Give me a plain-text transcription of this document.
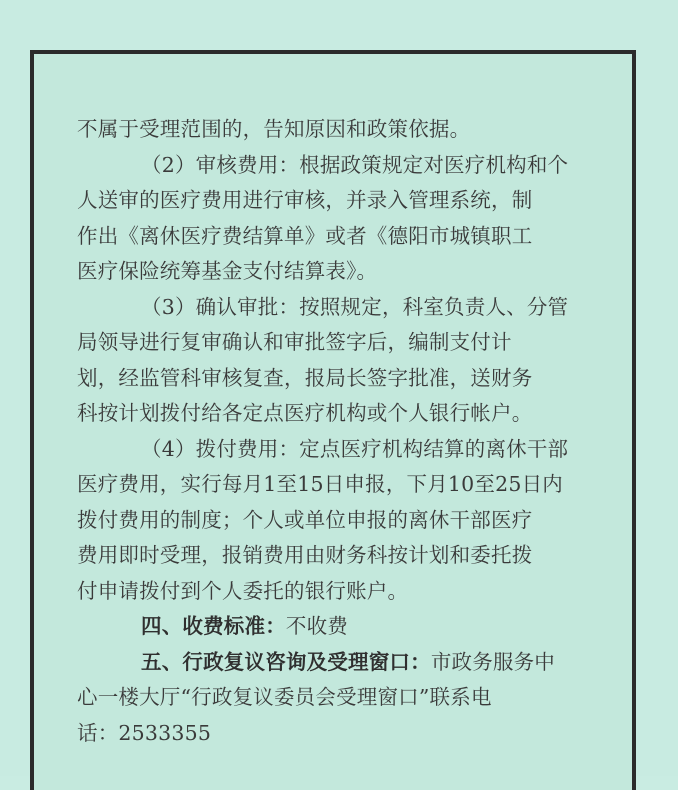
不属于受理范围的，告知原因和政策依据。
（2）审核费用：根据政策规定对医疗机构和个
人送审的医疗费用进行审核，并录入管理系统，制
作出《离休医疗费结算单》或者《德阳市城镇职工
医疗保险统筹基金支付结算表》。
（3）确认审批：按照规定，科室负责人、分管
局领导进行复审确认和审批签字后，编制支付计
划，经监管科审核复查，报局长签字批准，送财务
科按计划拨付给各定点医疗机构或个人银行帐户。
（4）拨付费用：定点医疗机构结算的离休干部
医疗费用，实行每月1至15日申报，下月10至25日内
拨付费用的制度；个人或单位申报的离休干部医疗
费用即时受理，报销费用由财务科按计划和委托拨
付申请拨付到个人委托的银行账户。
四、收费标准：不收费
五、行政复议咨询及受理窗口：市政务服务中
心一楼大厅“行政复议委员会受理窗口”联系电
话：2533355
